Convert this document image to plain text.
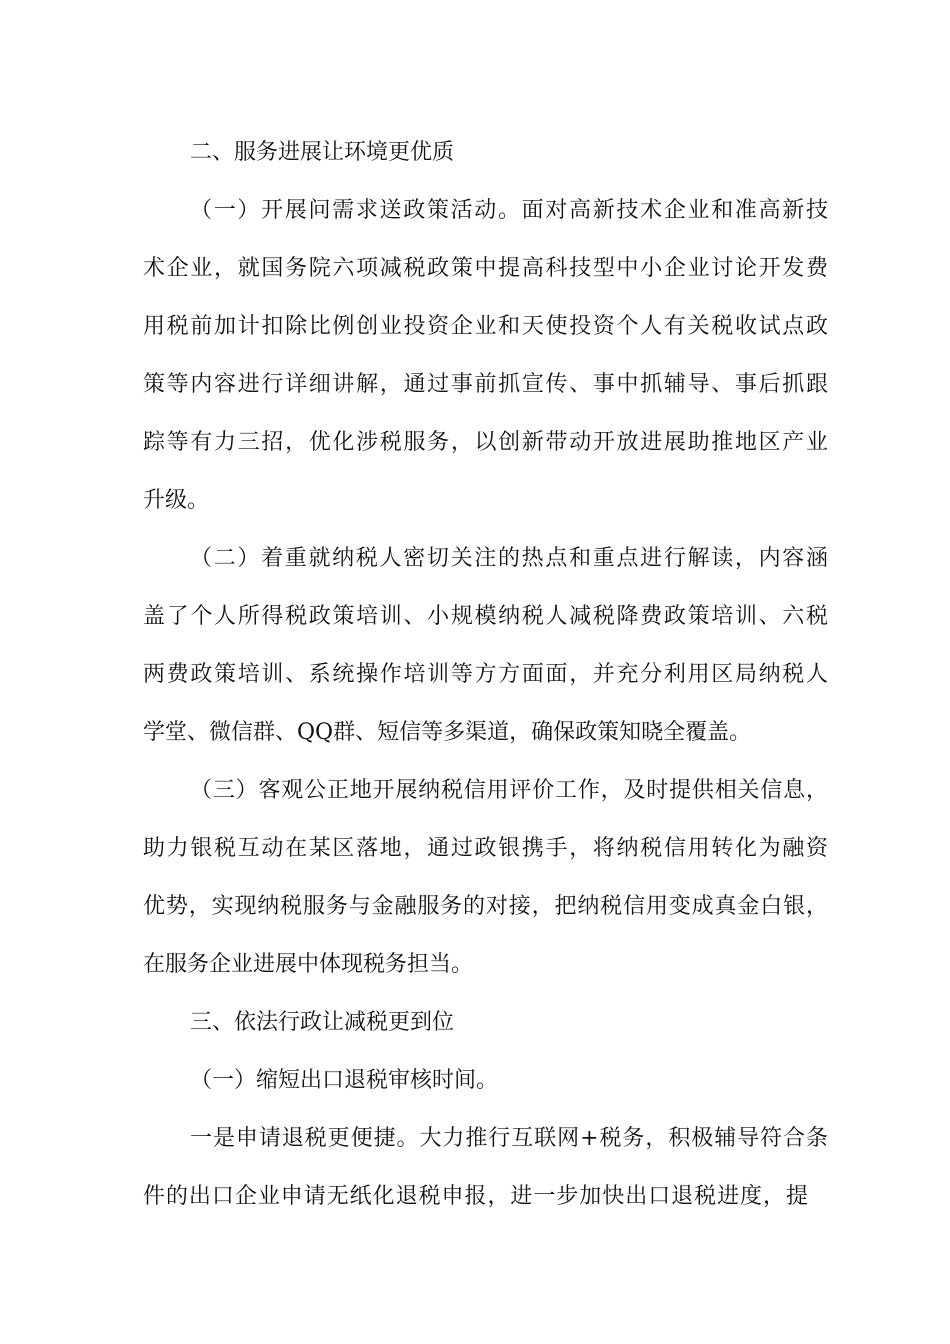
二、服务进展让环境更优质
（一）开展问需求送政策活动。面对高新技术企业和准高新技
术企业，就国务院六项减税政策中提高科技型中小企业讨论开发费
用税前加计扣除比例创业投资企业和天使投资个人有关税收试点政
策等内容进行详细讲解，通过事前抓宣传、事中抓辅导、事后抓跟
踪等有力三招，优化涉税服务，以创新带动开放进展助推地区产业
升级。
（二）着重就纳税人密切关注的热点和重点进行解读，内容涵
盖了个人所得税政策培训、小规模纳税人减税降费政策培训、六税
两费政策培训、系统操作培训等方方面面，并充分利用区局纳税人
学堂、微信群、QQ群、短信等多渠道，确保政策知晓全覆盖。
（三）客观公正地开展纳税信用评价工作，及时提供相关信息，
助力银税互动在某区落地，通过政银携手，将纳税信用转化为融资
优势，实现纳税服务与金融服务的对接，把纳税信用变成真金白银，
在服务企业进展中体现税务担当。
三、依法行政让减税更到位
（一）缩短出口退税审核时间。
一是申请退税更便捷。大力推行互联网+税务，积极辅导符合条
件的出口企业申请无纸化退税申报，进一步加快出口退税进度，提
